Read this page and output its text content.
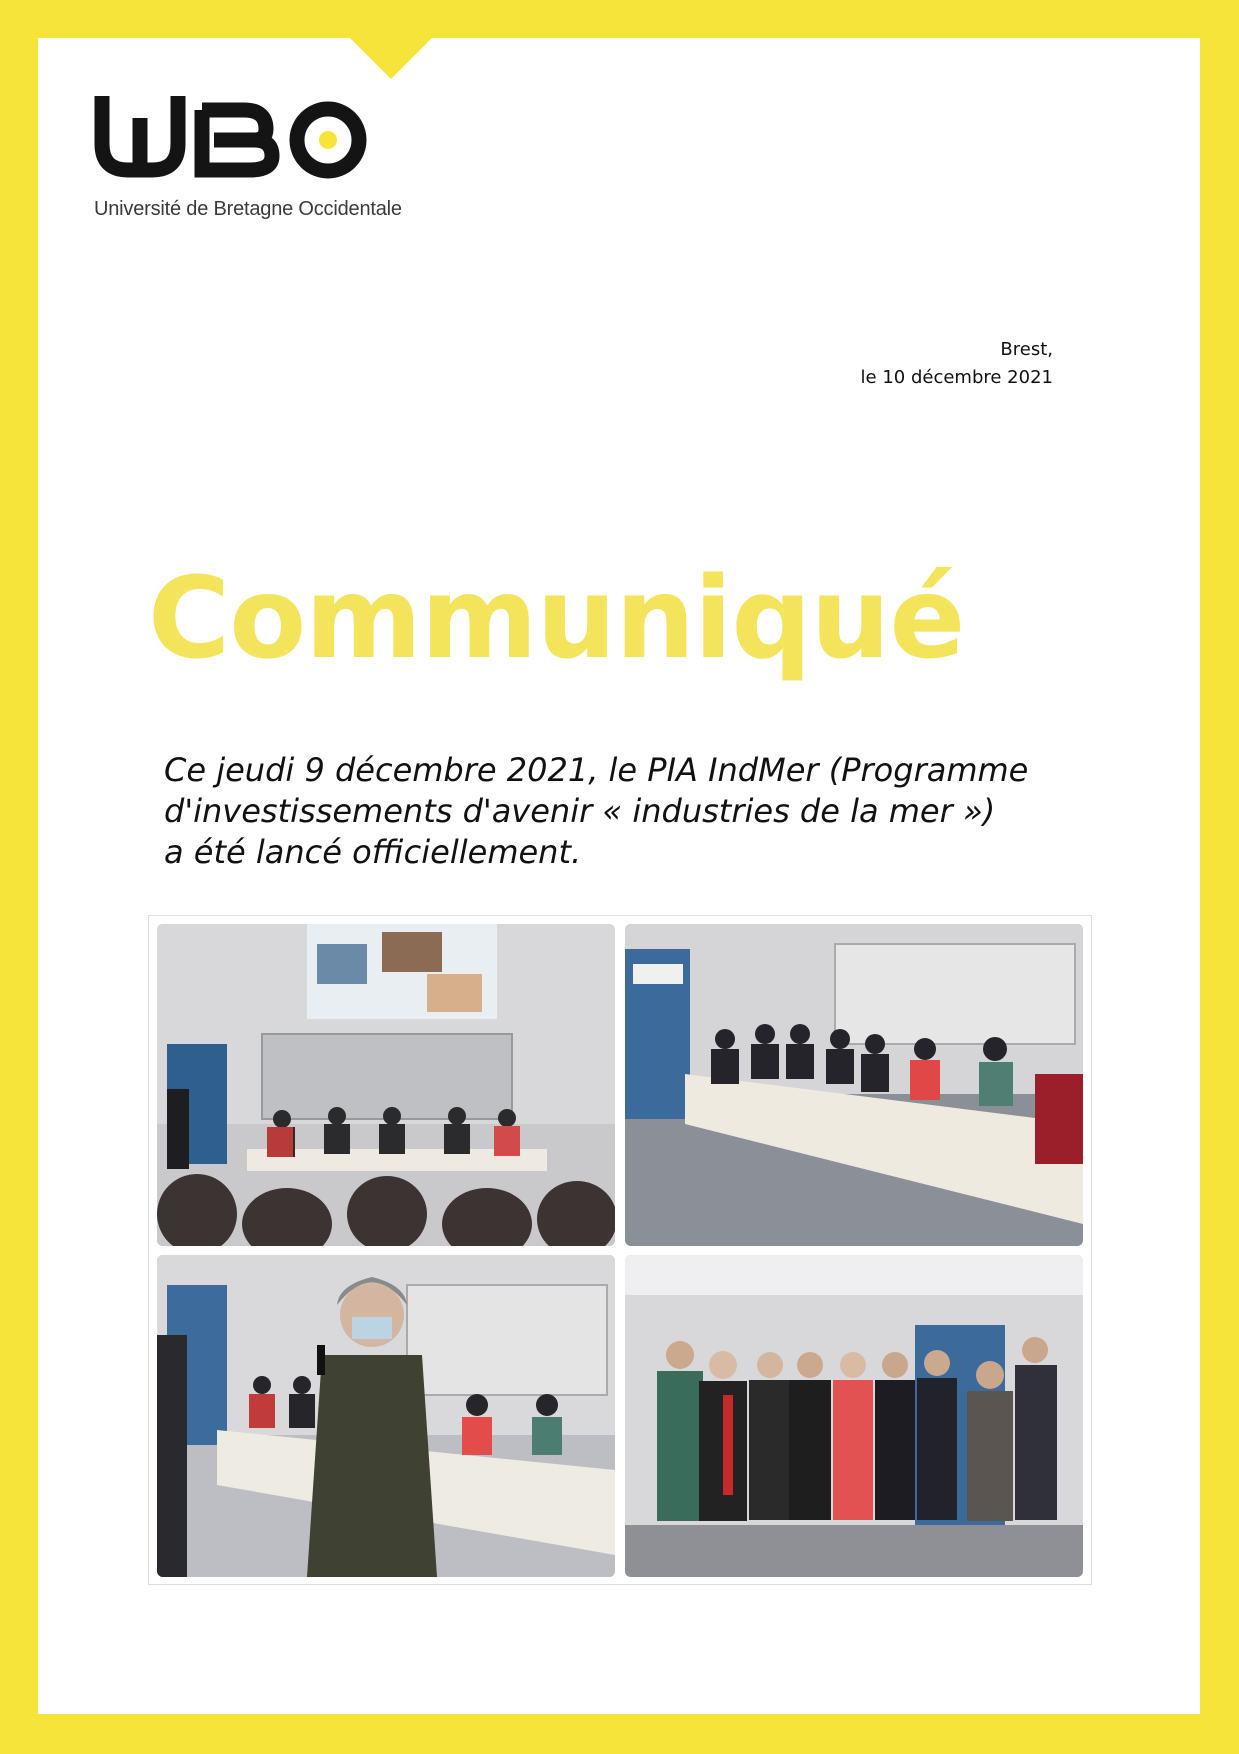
Université de Bretagne Occidentale
Brest,
le 10 décembre 2021
Communiqué
Ce jeudi 9 décembre 2021, le PIA IndMer (Programme
d'investissements d'avenir « industries de la mer »)
a été lancé officiellement.
